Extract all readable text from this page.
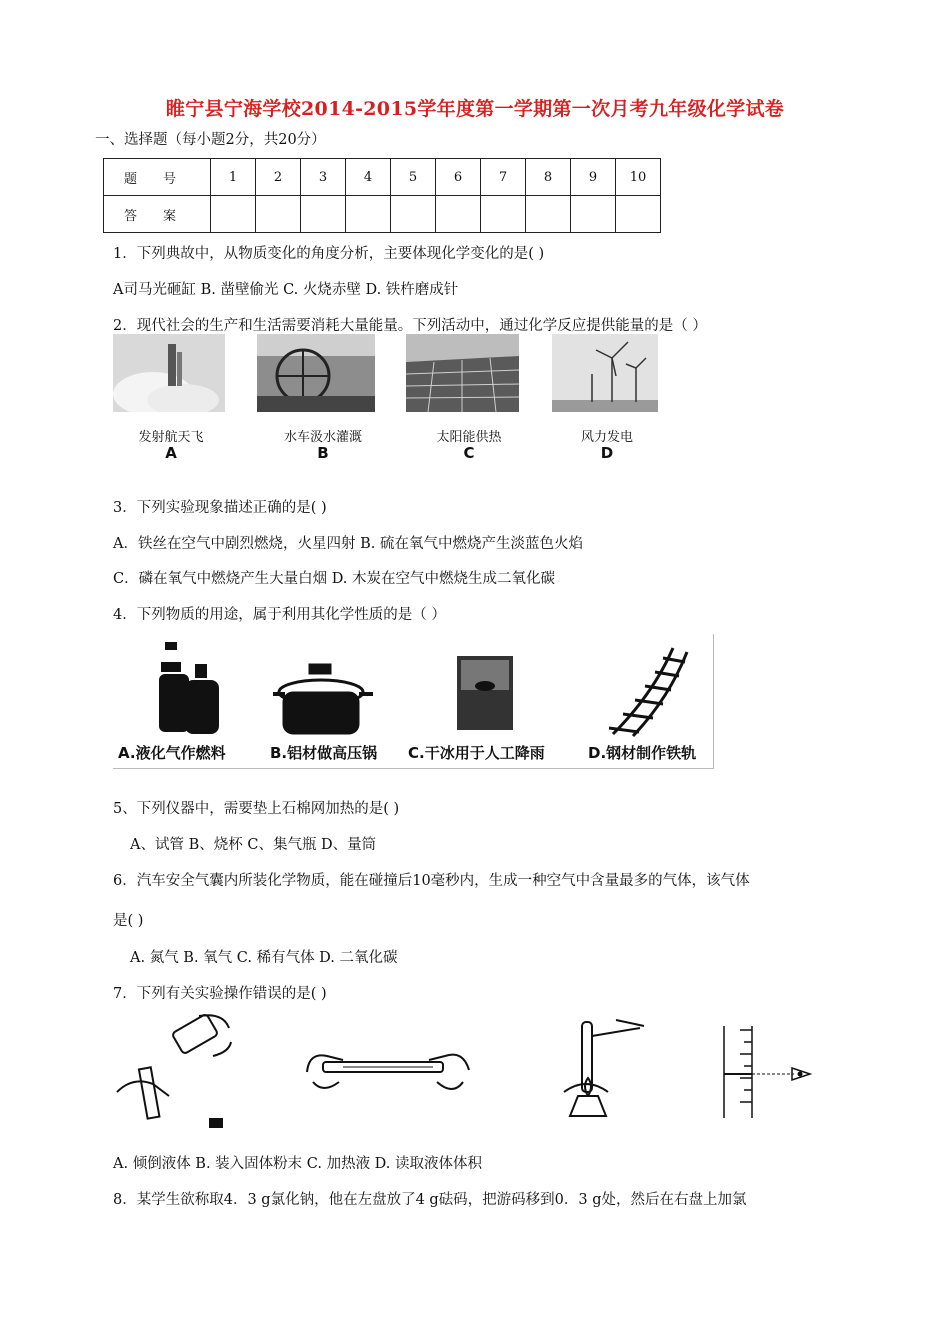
睢宁县宁海学校2014-2015学年度第一学期第一次月考九年级化学试卷
一、选择题（每小题2分，共20分）
题号	1	2	3	4	5	6	7	8	9	10
答案										
1．下列典故中，从物质变化的角度分析，主要体现化学变化的是( )
A司马光砸缸 B. 凿壁偷光 C. 火烧赤壁 D. 铁杵磨成针
2．现代社会的生产和生活需要消耗大量能量。下列活动中，通过化学反应提供能量的是（ ）
发射航天飞	水车汲水灌溉	太阳能供热	风力发电
A	B	C	D
3．下列实验现象描述正确的是( )
A．铁丝在空气中剧烈燃烧，火星四射 B. 硫在氧气中燃烧产生淡蓝色火焰
C．磷在氧气中燃烧产生大量白烟 D. 木炭在空气中燃烧生成二氧化碳
4．下列物质的用途，属于利用其化学性质的是（ ）
A.液化气作燃料	B.铝材做高压锅 C.干冰用于人工降雨	D.钢材制作铁轨
5、下列仪器中，需要垫上石棉网加热的是( )
A、试管 B、烧杯 C、集气瓶 D、量筒
6．汽车安全气囊内所装化学物质，能在碰撞后10毫秒内，生成一种空气中含量最多的气体，该气体
是( )
A. 氮气 B. 氧气 C. 稀有气体 D. 二氧化碳
7．下列有关实验操作错误的是( )
A. 倾倒液体 B. 装入固体粉末 C. 加热液 D. 读取液体体积
8．某学生欲称取4．3 g氯化钠，他在左盘放了4 g砝码，把游码移到0．3 g处，然后在右盘上加氯
